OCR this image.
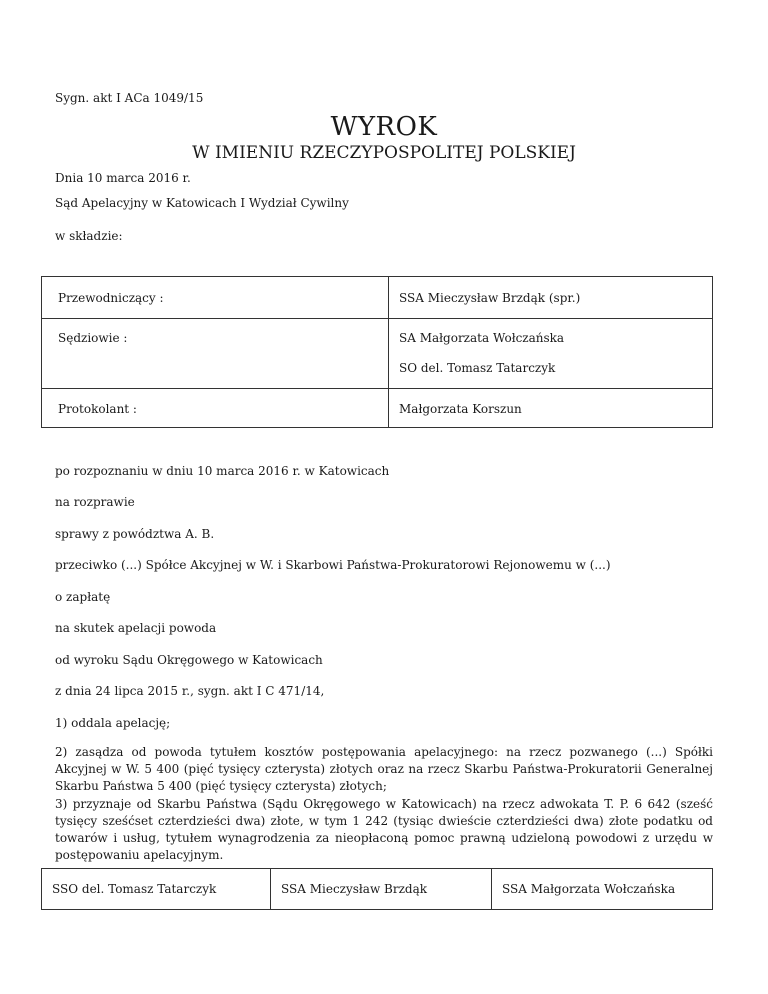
Sygn. akt I ACa 1049/15
WYROK
W IMIENIU RZECZYPOSPOLITEJ POLSKIEJ
Dnia 10 marca 2016 r.
Sąd Apelacyjny w Katowicach I Wydział Cywilny
w składzie:
Przewodniczący :	SSA Mieczysław Brzdąk (spr.)

Sędziowie :	SA Małgorzata Wołczańska
SO del. Tomasz Tatarczyk

Protokolant :	Małgorzata Korszun
po rozpoznaniu w dniu 10 marca 2016 r. w Katowicach
na rozprawie
sprawy z powództwa A. B.
przeciwko (...) Spółce Akcyjnej w W. i Skarbowi Państwa-Prokuratorowi Rejonowemu w (...)
o zapłatę
na skutek apelacji powoda
od wyroku Sądu Okręgowego w Katowicach
z dnia 24 lipca 2015 r., sygn. akt I C 471/14,
1) oddala apelację;
2) zasądza od powoda tytułem kosztów postępowania apelacyjnego: na rzecz pozwanego (...) Spółki Akcyjnej w W. 5 400 (pięć tysięcy czterysta) złotych oraz na rzecz Skarbu Państwa-Prokuratorii Generalnej Skarbu Państwa 5 400 (pięć tysięcy czterysta) złotych;
3) przyznaje od Skarbu Państwa (Sądu Okręgowego w Katowicach) na rzecz adwokata T. P. 6 642 (sześć tysięcy sześćset czterdzieści dwa) złote, w tym 1 242 (tysiąc dwieście czterdzieści dwa) złote podatku od towarów i usług, tytułem wynagrodzenia za nieopłaconą pomoc prawną udzieloną powodowi z urzędu w postępowaniu apelacyjnym.
SSO del. Tomasz Tatarczyk	SSA Mieczysław Brzdąk	SSA Małgorzata Wołczańska
